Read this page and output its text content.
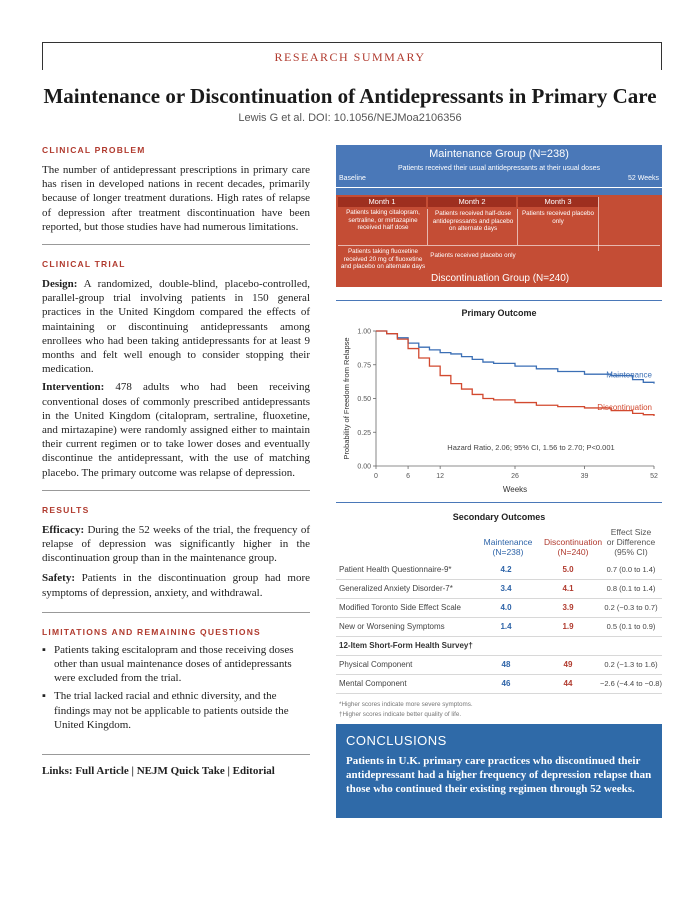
RESEARCH SUMMARY
Maintenance or Discontinuation of Antidepressants in Primary Care
Lewis G et al. DOI: 10.1056/NEJMoa2106356
CLINICAL PROBLEM

The number of antidepressant prescriptions in primary care has risen in developed nations in recent decades, primarily because of longer treatment durations. High rates of relapse of depression after treatment discontinuation have been reported, but those studies have had numerous limitations.

CLINICAL TRIAL

Design: A randomized, double-blind, placebo-controlled, parallel-group trial involving patients in 150 general practices in the United Kingdom compared the effects of maintaining or discontinuing antidepressants among enrollees who had been taking antidepressants for at least 9 months and felt well enough to consider stopping their medication.

Intervention: 478 adults who had been receiving conventional doses of commonly prescribed antidepressants in the United Kingdom (citalopram, sertraline, fluoxetine, and mirtazapine) were randomly assigned either to maintain their current regimen or to take lower doses and eventually discontinue the antidepressant, with the use of matching placebo. The primary outcome was relapse of depression.

RESULTS

Efficacy: During the 52 weeks of the trial, the frequency of relapse of depression was significantly higher in the discontinuation group than in the maintenance group.

Safety: Patients in the discontinuation group had more symptoms of depression, anxiety, and withdrawal.

LIMITATIONS AND REMAINING QUESTIONS
▪ Patients taking escitalopram and those receiving doses other than usual maintenance doses of antidepressants were excluded from the trial.
▪ The trial lacked racial and ethnic diversity, and the findings may not be applicable to patients outside the United Kingdom.
Links: Full Article | NEJM Quick Take | Editorial
Maintenance Group (N=238)
Patients received their usual antidepressants at their usual doses
Baseline	52 Weeks
Month 1	Month 2	Month 3
Patients taking citalopram, sertraline, or mirtazapine received half dose
Patients received half-dose antidepressants and placebo on alternate days
Patients received placebo only
Patients taking fluoxetine received 20 mg of fluoxetine and placebo on alternate days
Patients received placebo only
Discontinuation Group (N=240)
Primary Outcome
0.00
0.25
0.50
0.75
1.00
0	6	12	26	39	52
Weeks
Probability of Freedom from Relapse	Maintenance
Discontinuation
Hazard Ratio, 2.06; 95% CI, 1.56 to 2.70; P<0.001
Secondary Outcomes
Maintenance
(N=238)
Discontinuation
(N=240)
Effect Size
or Difference
(95% CI)
Patient Health Questionnaire-9*	4.2	5.0	0.7 (0.0 to 1.4)
Generalized Anxiety Disorder-7*	3.4	4.1	0.8 (0.1 to 1.4)
Modified Toronto Side Effect Scale	4.0	3.9	0.2 (−0.3 to 0.7)
New or Worsening Symptoms	1.4	1.9	0.5 (0.1 to 0.9)
12-Item Short-Form Health Survey†			
Physical Component	48	49	0.2 (−1.3 to 1.6)
Mental Component	46	44	−2.6 (−4.4 to −0.8)
*Higher scores indicate more severe symptoms.
†Higher scores indicate better quality of life.
CONCLUSIONS
Patients in U.K. primary care practices who discontinued their antidepressant had a higher frequency of depression relapse than those who continued their existing regimen through 52 weeks.
